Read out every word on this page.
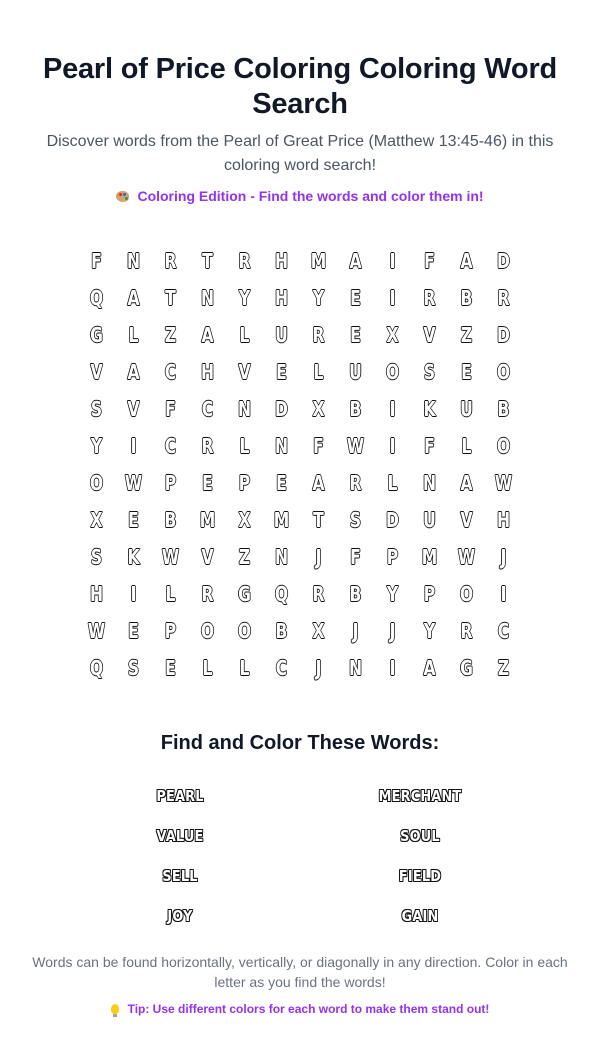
Pearl of Price Coloring Coloring Word Search

Discover words from the Pearl of Great Price (Matthew 13:45-46) in this coloring word search!

Coloring Edition - Find the words and color them in!

F	N	R	T	R	H	M	A	I	F	A	D
Q	A	T	N	Y	H	Y	E	I	R	B	R
G	L	Z	A	L	U	R	E	X	V	Z	D
V	A	C	H	V	E	L	U	O	S	E	O
S	V	F	C	N	D	X	B	I	K	U	B
Y	I	C	R	L	N	F	W	I	F	L	O
O	W	P	E	P	E	A	R	L	N	A	W
X	E	B	M	X	M	T	S	D	U	V	H
S	K	W	V	Z	N	J	F	P	M	W	J
H	I	L	R	G	Q	R	B	Y	P	O	I
W	E	P	O	O	B	X	J	J	Y	R	C
Q	S	E	L	L	C	J	N	I	A	G	Z
Find and Color These Words:
PEARL	MERCHANT
VALUE	SOUL
SELL	FIELD
JOY	GAIN

Words can be found horizontally, vertically, or diagonally in any direction. Color in each letter as you find the words!

Tip: Use different colors for each word to make them stand out!
